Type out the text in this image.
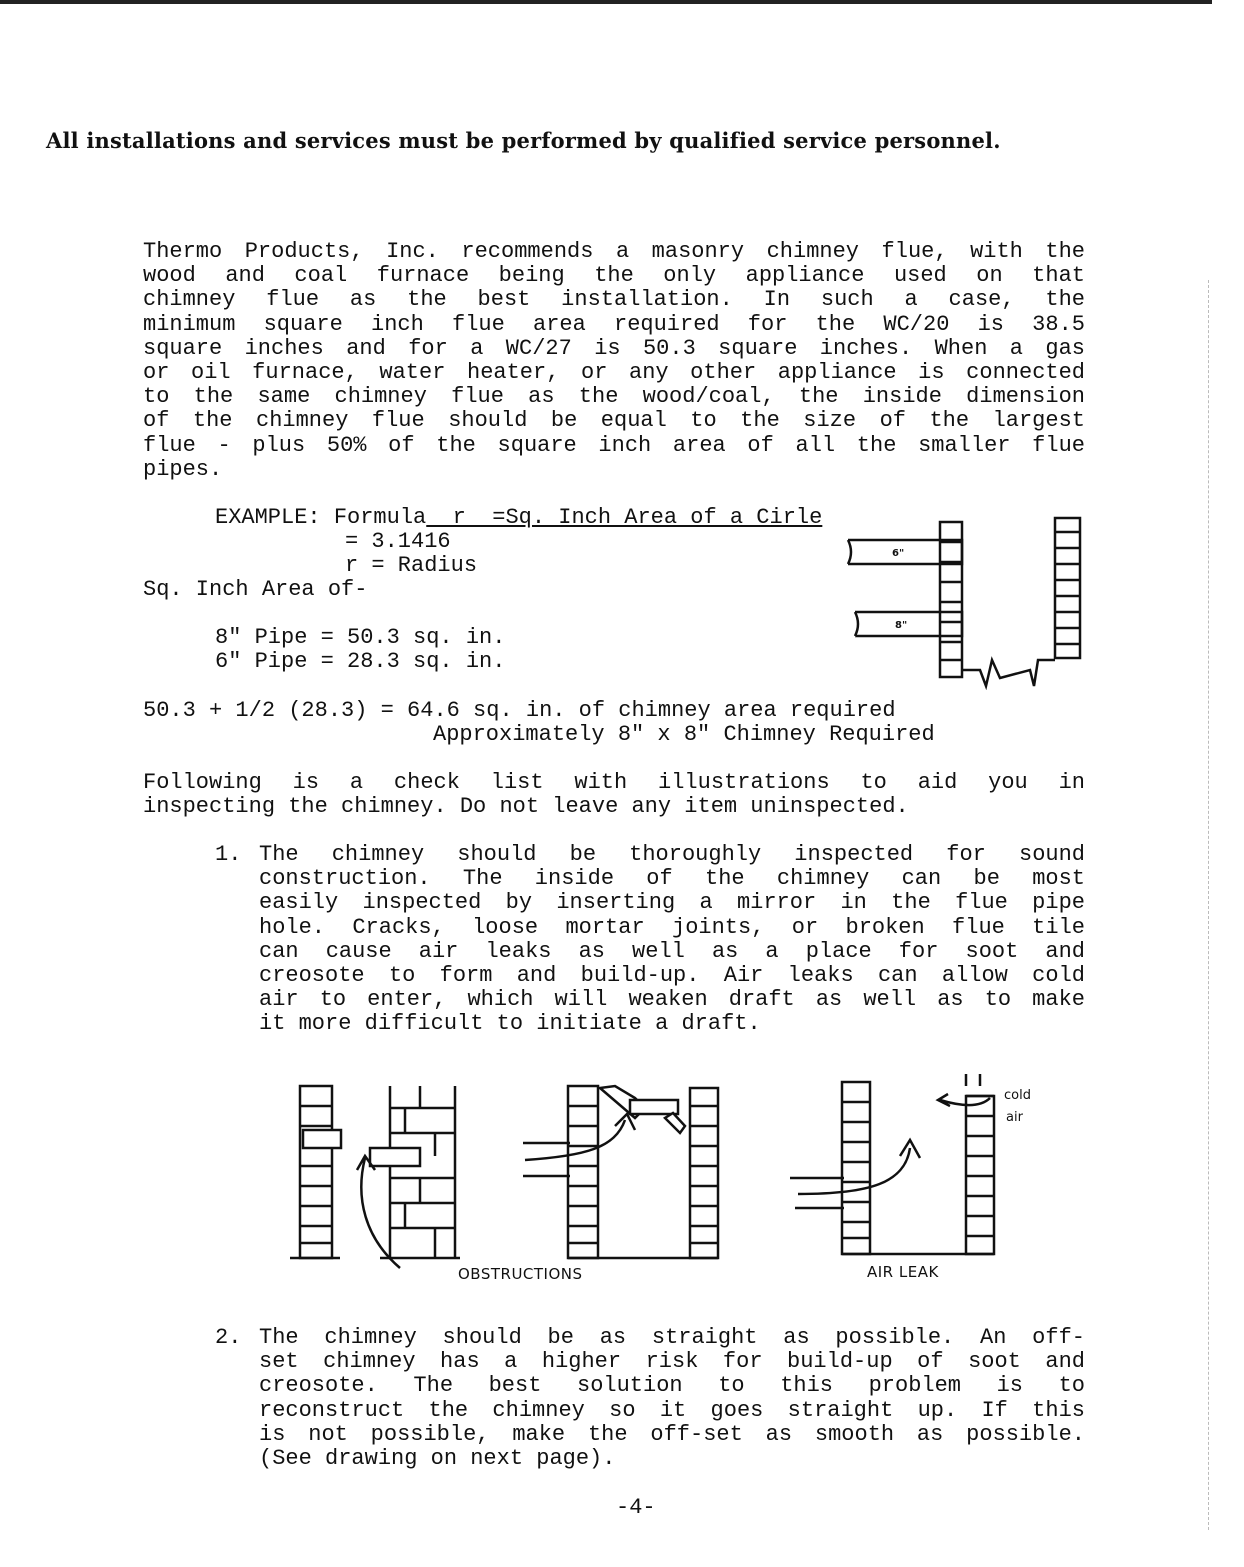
All installations and services must be performed by qualified service personnel.
Thermo Products, Inc. recommends a masonry chimney flue, with the
wood and coal furnace being the only appliance used on that
chimney flue as the best installation. In such a case, the
minimum square inch flue area required for the WC/20 is 38.5
square inches and for a WC/27 is 50.3 square inches. When a gas
or oil furnace, water heater, or any other appliance is connected
to the same chimney flue as the wood/coal, the inside dimension
of the chimney flue should be equal to the size of the largest
flue - plus 50% of the square inch area of all the smaller flue
pipes.
EXAMPLE: Formula  r  =Sq. Inch Area of a Cirle
= 3.1416
r = Radius
Sq. Inch Area of-
8" Pipe = 50.3 sq. in.
6" Pipe = 28.3 sq. in.
50.3 + 1/2 (28.3) = 64.6 sq. in. of chimney area required
Approximately 8" x 8" Chimney Required
6"
8"
Following is a check list with illustrations to aid you in
inspecting the chimney. Do not leave any item uninspected.
1. The chimney should be thoroughly inspected for sound
construction. The inside of the chimney can be most
easily inspected by inserting a mirror in the flue pipe
hole. Cracks, loose mortar joints, or broken flue tile
can cause air leaks as well as a place for soot and
creosote to form and build-up. Air leaks can allow cold
air to enter, which will weaken draft as well as to make
it more difficult to initiate a draft.
OBSTRUCTIONS
cold
air
AIR LEAK
2. The chimney should be as straight as possible. An off-
set chimney has a higher risk for build-up of soot and
creosote. The best solution to this problem is to
reconstruct the chimney so it goes straight up. If this
is not possible, make the off-set as smooth as possible.
(See drawing on next page).
-4-
